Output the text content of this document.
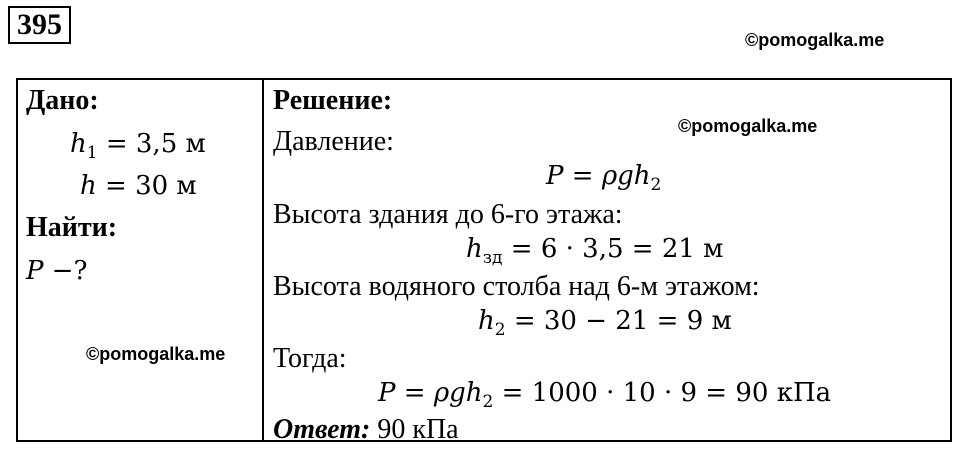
395	©pomogalka.me
©pomogalka.me
©pomogalka.me
Дано:
$h_1 = 3,5$ м
h = 30 м
Найти:
P −?
Решение:
Давление:
P = ρgh$_2$
Высота здания до 6-го этажа:
$h_{зд} = 6 \cdot 3,5 = 21$ м
Высота водяного столба над 6-м этажом:
$h_2 = 30 - 21 = 9$ м
Тогда:
P = ρgh$_2$ = 1000 · 10 · 9 = 90 кПа
Ответ: 90 кПа
